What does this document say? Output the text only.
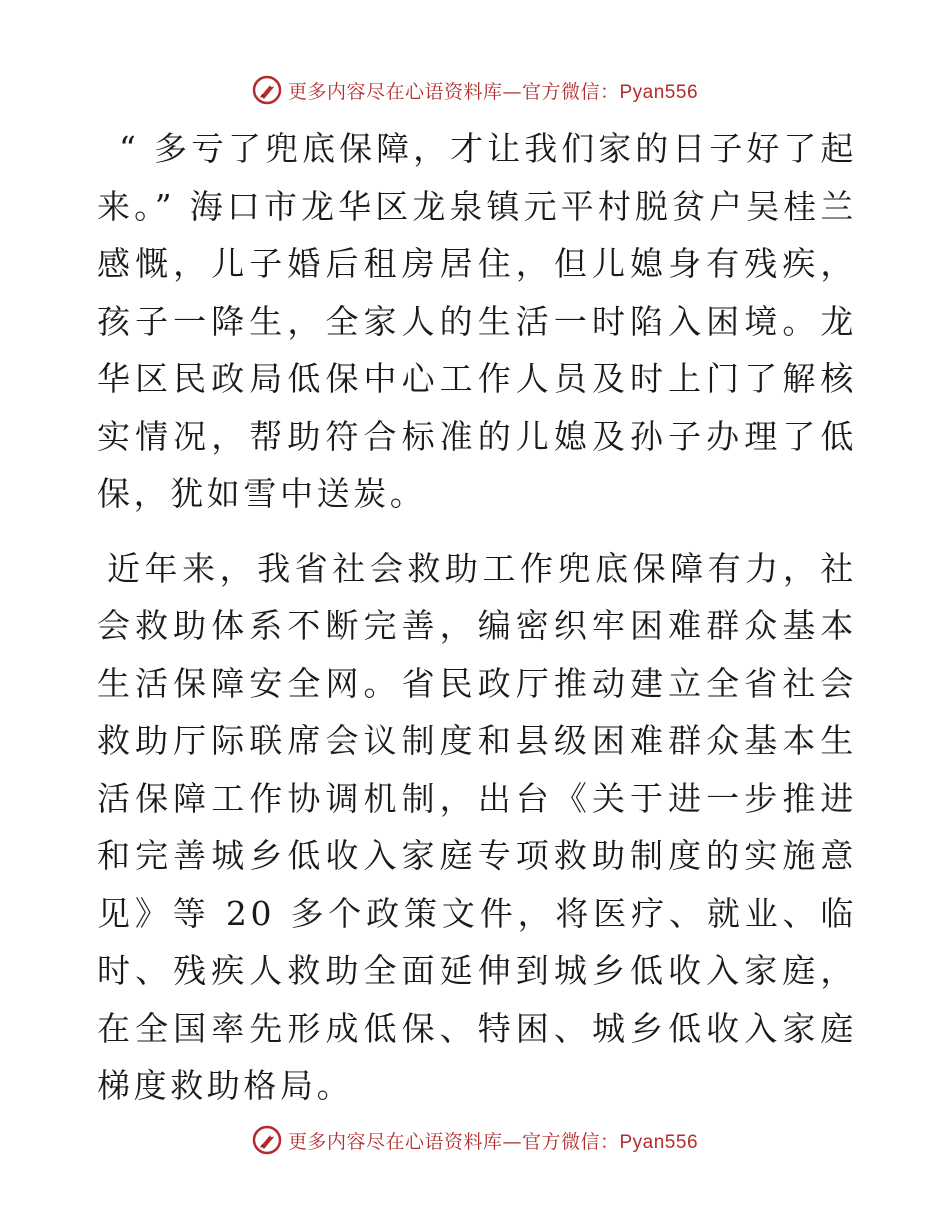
更多内容尽在心语资料库—官方微信：Pyan556

“ 多亏了兜底保障，才让我们家的日子好了起来。” 海口市龙华区龙泉镇元平村脱贫户吴桂兰感慨，儿子婚后租房居住，但儿媳身有残疾，孩子一降生，全家人的生活一时陷入困境。龙华区民政局低保中心工作人员及时上门了解核实情况，帮助符合标准的儿媳及孙子办理了低保，犹如雪中送炭。

近年来，我省社会救助工作兜底保障有力，社会救助体系不断完善，编密织牢困难群众基本生活保障安全网。省民政厅推动建立全省社会救助厅际联席会议制度和县级困难群众基本生活保障工作协调机制，出台《关于进一步推进和完善城乡低收入家庭专项救助制度的实施意见》等 20 多个政策文件，将医疗、就业、临时、残疾人救助全面延伸到城乡低收入家庭，在全国率先形成低保、特困、城乡低收入家庭梯度救助格局。

更多内容尽在心语资料库—官方微信：Pyan556
